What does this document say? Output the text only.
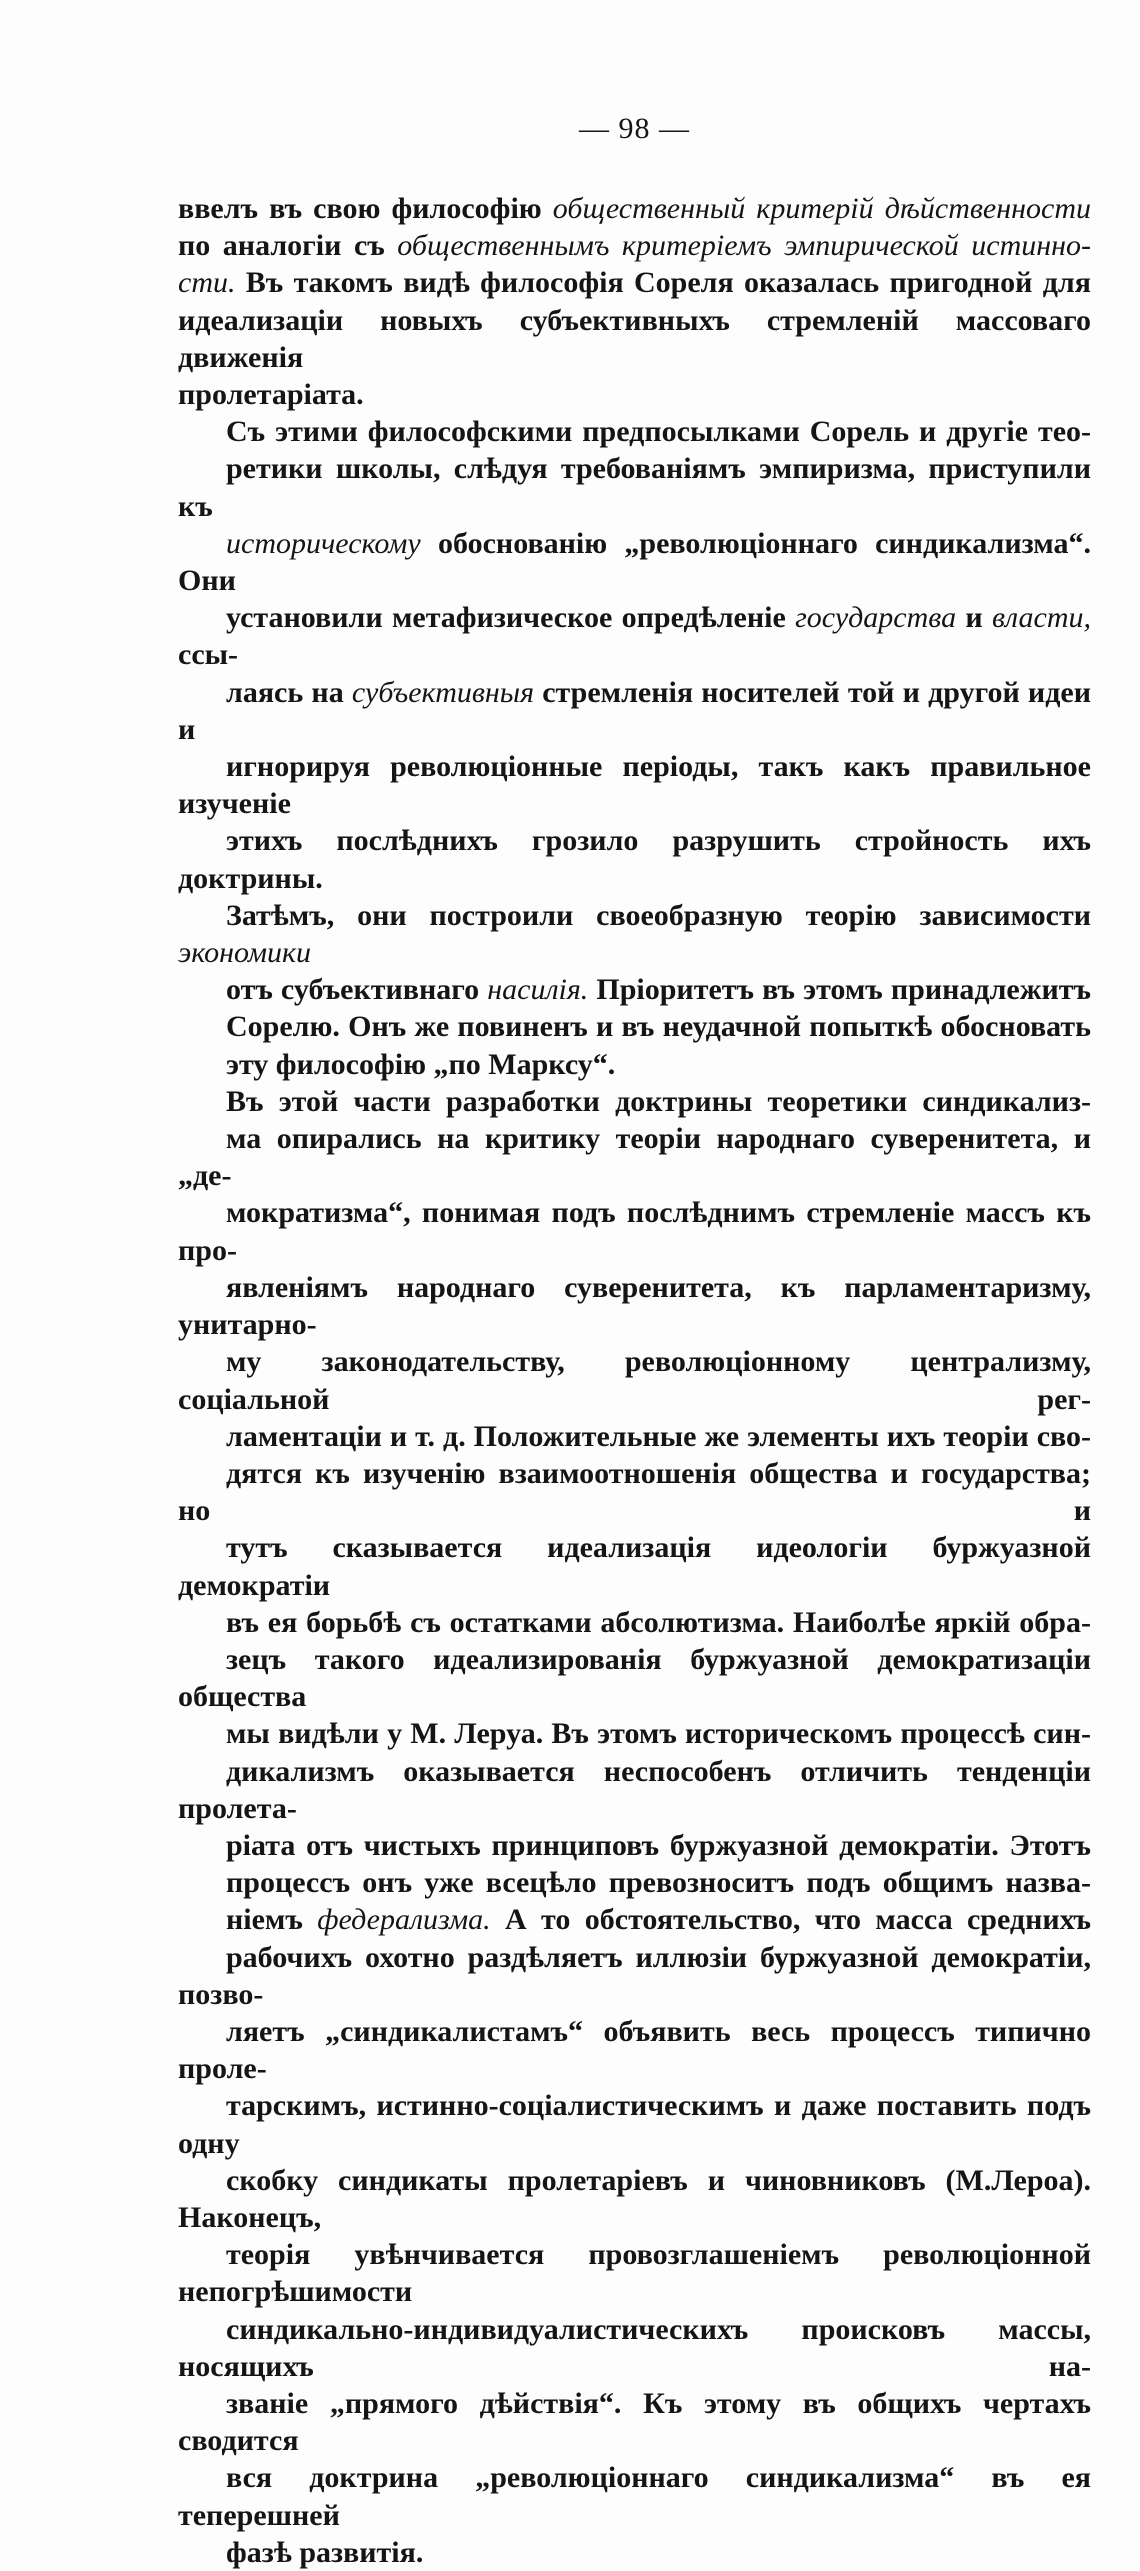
— 98 —

ввелъ въ свою философію общественный критерій дѣйственности
по аналогіи съ общественнымъ критеріемъ эмпирической истинно-
сти. Въ такомъ видѣ философія Сореля оказалась пригодной для
идеализаціи новыхъ субъективныхъ стремленій массоваго движенія
пролетаріата.

Съ этими философскими предпосылками Сорель и другіе тео-
ретики школы, слѣдуя требованіямъ эмпиризма, приступили къ
историческому обоснованію „революціоннаго синдикализма“. Они
установили метафизическое опредѣленіе государства и власти, ссы-
лаясь на субъективныя стремленія носителей той и другой идеи и
игнорируя революціонные періоды, такъ какъ правильное изученіе
этихъ послѣднихъ грозило разрушить стройность ихъ доктрины.
Затѣмъ, они построили своеобразную теорію зависимости экономики
отъ субъективнаго насилія. Пріоритетъ въ этомъ принадлежитъ
Сорелю. Онъ же повиненъ и въ неудачной попыткѣ обосновать
эту философію „по Марксу“.

Въ этой части разработки доктрины теоретики синдикализ-
ма опирались на критику теоріи народнаго суверенитета, и „де-
мократизма“, понимая подъ послѣднимъ стремленіе массъ къ про-
явленіямъ народнаго суверенитета, къ парламентаризму, унитарно-
му законодательству, революціонному централизму, соціальной рег-
ламентаціи и т. д. Положительные же элементы ихъ теоріи сво-
дятся къ изученію взаимоотношенія общества и государства; но и
тутъ сказывается идеализація идеологіи буржуазной демократіи
въ ея борьбѣ съ остатками абсолютизма. Наиболѣе яркій обра-
зецъ такого идеализированія буржуазной демократизаціи общества
мы видѣли у М. Леруа. Въ этомъ историческомъ процессѣ син-
дикализмъ оказывается неспособенъ отличить тенденціи пролета-
ріата отъ чистыхъ принциповъ буржуазной демократіи. Этотъ
процессъ онъ уже всецѣло превозноситъ подъ общимъ назва-
ніемъ федерализма. А то обстоятельство, что масса среднихъ
рабочихъ охотно раздѣляетъ иллюзіи буржуазной демократіи, позво-
ляетъ „синдикалистамъ“ объявить весь процессъ типично проле-
тарскимъ, истинно-соціалистическимъ и даже поставить подъ одну
скобку синдикаты пролетаріевъ и чиновниковъ (М.Лероа). Наконецъ,
теорія увѣнчивается провозглашеніемъ революціонной непогрѣшимости
синдикально-индивидуалистическихъ происковъ массы, носящихъ на-
званіе „прямого дѣйствія“. Къ этому въ общихъ чертахъ сводится
вся доктрина „революціоннаго синдикализма“ въ ея теперешней
фазѣ развитія.
